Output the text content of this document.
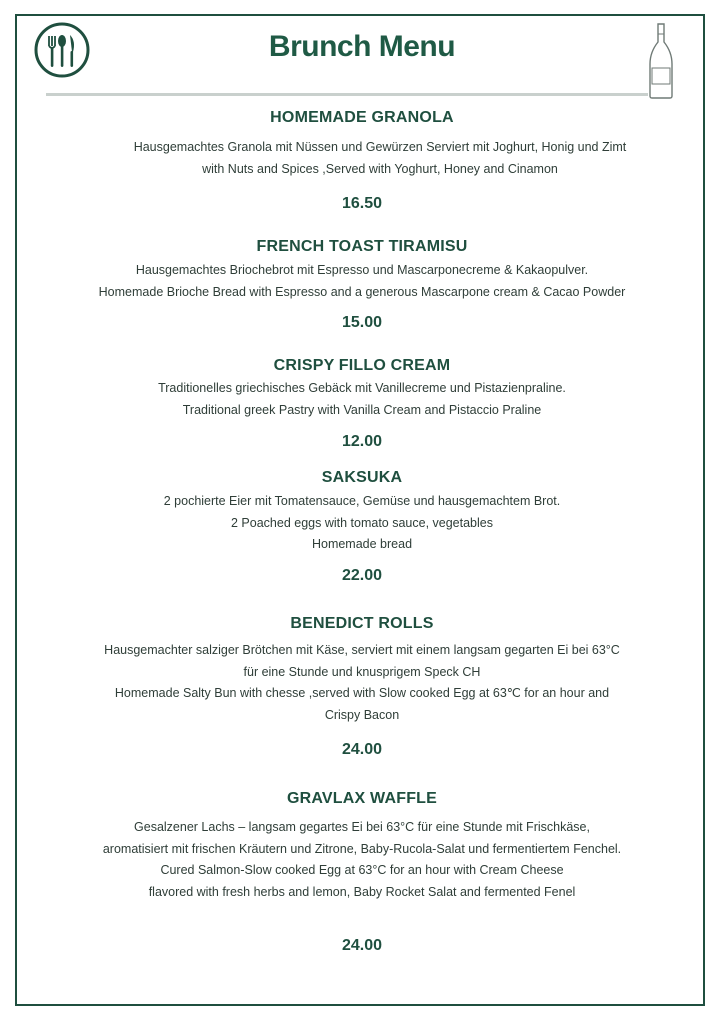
Brunch Menu
HOMEMADE GRANOLA
Hausgemachtes Granola mit Nüssen und Gewürzen Serviert mit Joghurt, Honig und Zimt
with Nuts and Spices ,Served with Yoghurt, Honey and Cinamon
16.50
FRENCH TOAST TIRAMISU
Hausgemachtes Briochebrot mit Espresso und Mascarponecreme & Kakaopulver.
Homemade Brioche Bread with Espresso and a generous Mascarpone cream & Cacao Powder
15.00
CRISPY FILLO CREAM
Traditionelles griechisches Gebäck mit Vanillecreme und Pistazienpraline.
Traditional greek Pastry with Vanilla Cream and Pistaccio Praline
12.00
SAKSUKA
2 pochierte Eier mit Tomatensauce, Gemüse und hausgemachtem Brot.
2 Poached eggs with tomato sauce, vegetables
Homemade bread
22.00
BENEDICT ROLLS
Hausgemachter salziger Brötchen mit Käse, serviert mit einem langsam gegarten Ei bei 63°C
für eine Stunde und knusprigem Speck CH
Homemade Salty Bun with chesse ,served with Slow cooked Egg at 63℃ for an hour and
Crispy Bacon
24.00
GRAVLAX WAFFLE
Gesalzener Lachs – langsam gegartes Ei bei 63°C für eine Stunde mit Frischkäse,
aromatisiert mit frischen Kräutern und Zitrone, Baby-Rucola-Salat und fermentiertem Fenchel.
Cured Salmon-Slow cooked Egg at 63°C for an hour with Cream Cheese
flavored with fresh herbs and lemon, Baby Rocket Salat and fermented Fenel
24.00
